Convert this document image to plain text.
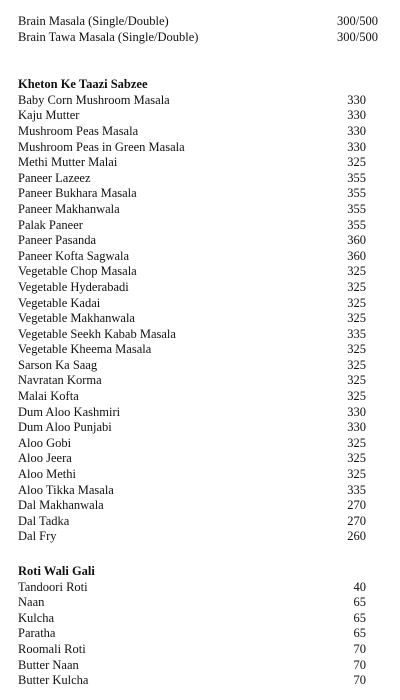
Brain Masala (Single/Double)	300/500
Brain Tawa Masala (Single/Double)	300/500
Kheton Ke Taazi Sabzee
Baby Corn Mushroom Masala	330
Kaju Mutter	330
Mushroom Peas Masala	330
Mushroom Peas in Green Masala	330
Methi Mutter Malai	325
Paneer Lazeez	355
Paneer Bukhara Masala	355
Paneer Makhanwala	355
Palak Paneer	355
Paneer Pasanda	360
Paneer Kofta Sagwala	360
Vegetable Chop Masala	325
Vegetable Hyderabadi	325
Vegetable Kadai	325
Vegetable Makhanwala	325
Vegetable Seekh Kabab Masala	335
Vegetable Kheema Masala	325
Sarson Ka Saag	325
Navratan Korma	325
Malai Kofta	325
Dum Aloo Kashmiri	330
Dum Aloo Punjabi	330
Aloo Gobi	325
Aloo Jeera	325
Aloo Methi	325
Aloo Tikka Masala	335
Dal Makhanwala	270
Dal Tadka	270
Dal Fry	260
Roti Wali Gali
Tandoori Roti	40
Naan	65
Kulcha	65
Paratha	65
Roomali Roti	70
Butter Naan	70
Butter Kulcha	70
